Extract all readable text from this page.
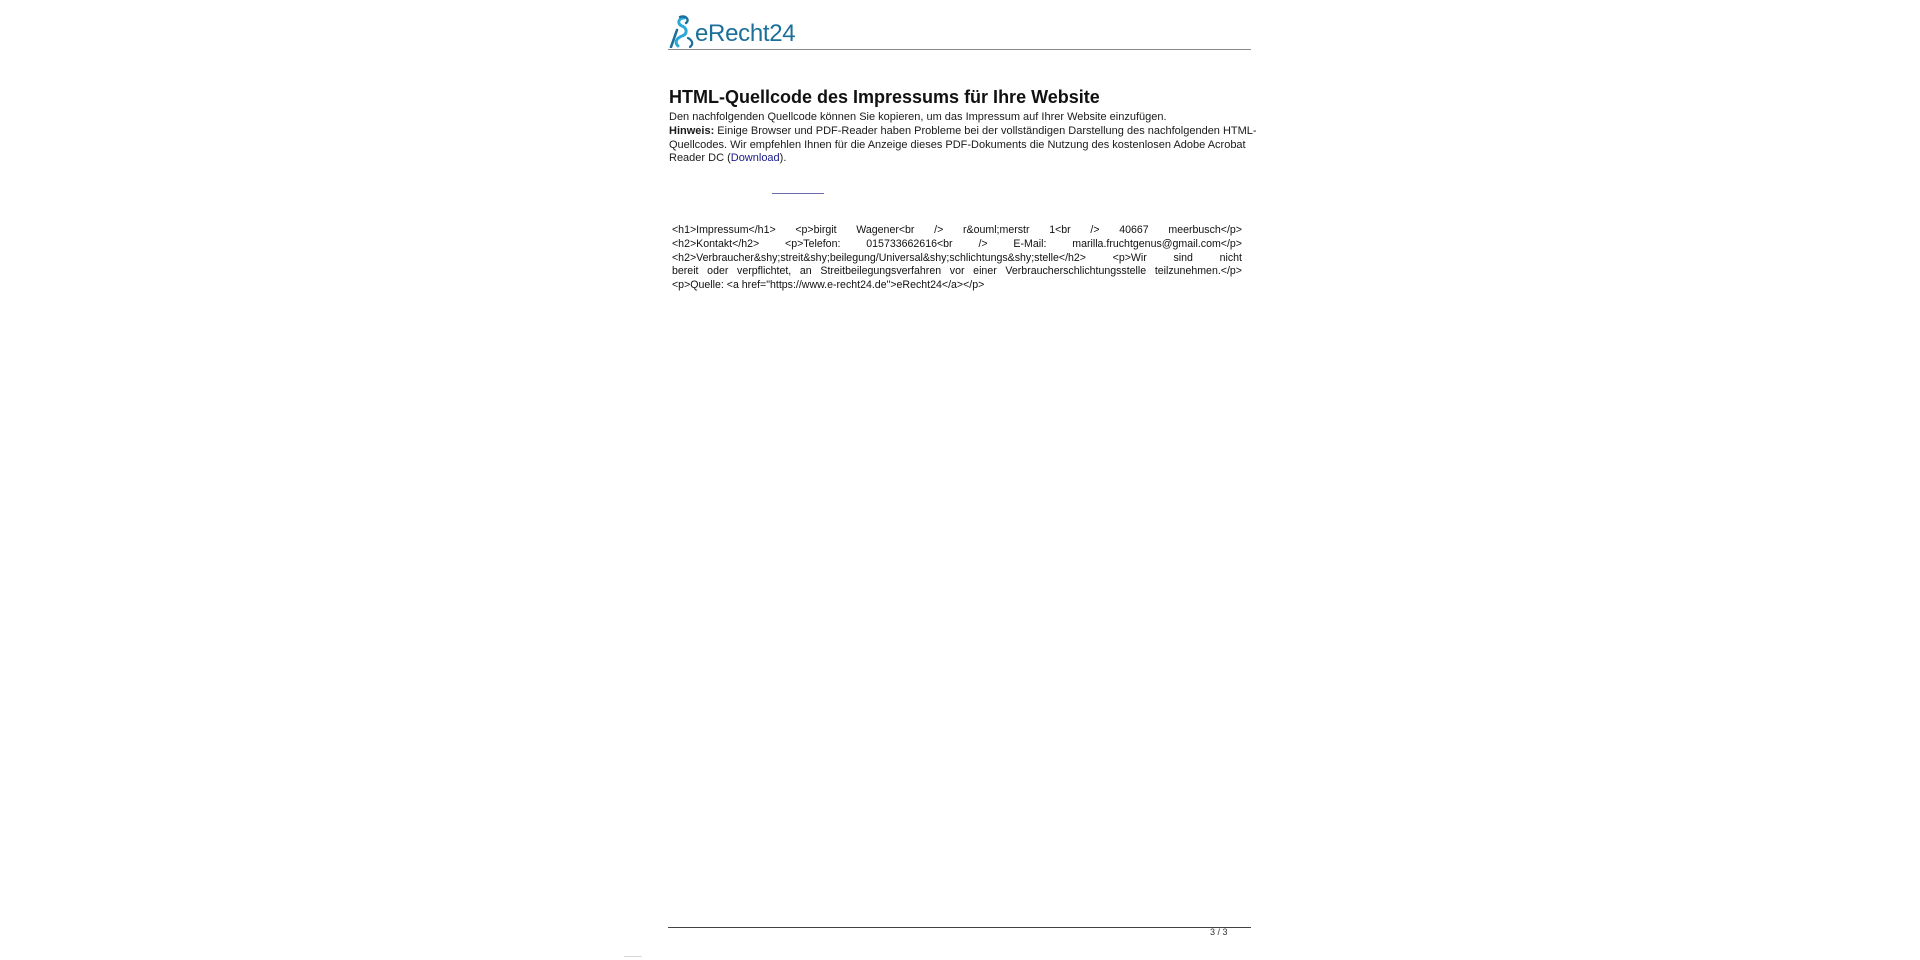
eRecht24
HTML-Quellcode des Impressums für Ihre Website

Den nachfolgenden Quellcode können Sie kopieren, um das Impressum auf Ihrer Website einzufügen.
Hinweis: Einige Browser und PDF-Reader haben Probleme bei der vollständigen Darstellung des nachfolgenden HTML-Quellcodes. Wir empfehlen Ihnen für die Anzeige dieses PDF-Dokuments die Nutzung des kostenlosen Adobe Acrobat Reader DC (Download).

<h1>Impressum</h1> <p>birgit Wagener<br /> r&ouml;merstr 1<br /> 40667 meerbusch</p>
<h2>Kontakt</h2> <p>Telefon: 015733662616<br /> E-Mail: marilla.fruchtgenus@gmail.com</p>
<h2>Verbraucher&shy;streit&shy;beilegung/Universal&shy;schlichtungs&shy;stelle</h2> <p>Wir sind nicht
bereit oder verpflichtet, an Streitbeilegungsverfahren vor einer Verbraucherschlichtungsstelle teilzunehmen.</p>
<p>Quelle: <a href="https://www.e-recht24.de">eRecht24</a></p>
3 / 3
